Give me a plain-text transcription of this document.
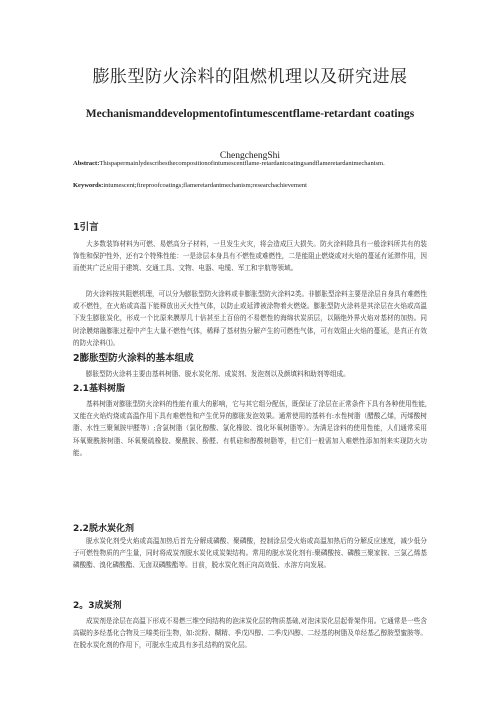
膨胀型防火涂料的阻燃机理以及研究进展
Mechanismanddevelopmentofintumescentflame-retardant coatings
ChengchengShi
Abstract:Thispapermainlydescribesthecompositionofintumescentflame-retardantcoatingsandflameretardantmechanism.
Keywords:intumescent;fireproofcoatings;flameretardantmechanism;researchachievement
1引言

大多数装饰材料为可燃、易燃高分子材料，一旦发生火灾，将会造成巨大损失。防火涂料除具有一般涂料所共有的装饰性和保护性外，还有2个特殊性能：一是涂层本身具有不燃性或难燃性，二是能阻止燃烧或对火焰的蔓延有延滞作用，因而使其广泛应用于建筑、交通工具、文物、电器、电缆、军工和宇航等领域。

防火涂料按其阻燃机理，可以分为膨胀型防火涂料或非膨胀型防火涂料2类。非膨胀型涂料主要是涂层自身具有难燃性或不燃性，在火焰或高温下能释放出灭火性气体，以防止或延滞被涂物着火燃烧。膨胀型防火涂料是其涂层在火焰或高温下发生膨胀炭化，形成一个比原来膜厚几十倍甚至上百倍的不易燃性的海绵状炭质层，以隔绝外界火焰对基材的加热。同时涂膜熔融膨胀过程中产生大量不燃性气体，稀释了基材热分解产生的可燃性气体，可有效阻止火焰的蔓延，是真正有效的防火涂料⑴。

2膨胀型防火涂料的基本组成

膨胀型防火涂料主要由基料树脂、脱水炭化剂、成炭剂、发泡剂以及颜填料和助剂等组成。

2.1基料树脂

基料树脂对膨胀型防火涂料的性能有重大的影响，它与其它组分配伍，既保证了涂层在正常条件下具有各种使用性能,又能在火焰灼烧或高温作用下具有难燃性和产生优异的膨胀发泡效果。通常使用的基料有:水性树脂（醋酸乙烯，丙烯酸树脂、水性三聚氰胺甲醛等）;含氯树脂（氯化醇酸、氯化橡胶、溴化环氧树脂等）。为满足涂料的使用性能，人们通常采用环氧聚酰胺树脂、环氧聚硫橡胶、聚酰胺、酚醛、有机硅和醇酸树脂等，但它们一般需加入难燃性添加剂来实现防火功能。

2.2脱水炭化剂

脱水炭化剂受火焰或高温加热后首先分解成磷酸、聚磷酸，控制涂层受火焰或高温加热后的分解反应速度，减少低分子可燃性物质的产生量，同时将成炭剂脱水炭化成炭架结构。常用的脱水炭化剂有:聚磷酸按、磷酸三聚家胺、三氯乙烯基磷酸酯、溴化磷酸酯、无卤双磷酸酯等。目前，脱水炭化剂正向高效低、水溶方向发展。

2。3成炭剂

成炭剂是涂层在高温下形成不易燃三维空间结构的泡沫炭化层的物质基础,对泡沫炭化层起骨架作用。它通常是一些含高碳的多经基化合物及三嗪类衍生物，如:淀粉、糊精、季戊四醇、二季戊四醇、二经基的树脂及单经基乙醇胺型蜜胺等。在脱水炭化剂的作用下，可脱水生成具有多孔结构的炭化层。
